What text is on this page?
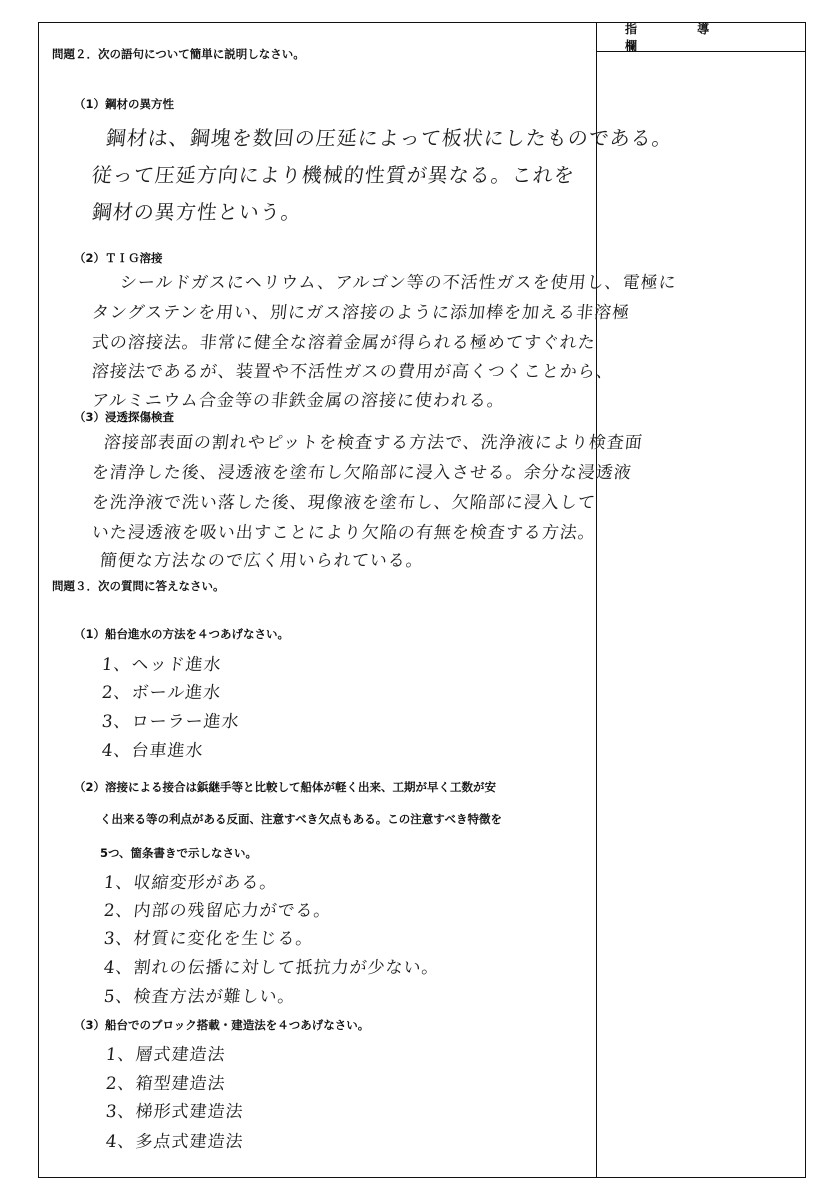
指 導 欄
問題２．次の語句について簡単に説明しなさい。
（1）鋼材の異方性
鋼材は、鋼塊を数回の圧延によって板状にしたものである。
従って圧延方向により機械的性質が異なる。これを
鋼材の異方性という。
（2）ＴＩＧ溶接
シールドガスにヘリウム、アルゴン等の不活性ガスを使用し、電極に
タングステンを用い、別にガス溶接のように添加棒を加える非溶極
式の溶接法。非常に健全な溶着金属が得られる極めてすぐれた
溶接法であるが、装置や不活性ガスの費用が高くつくことから、
アルミニウム合金等の非鉄金属の溶接に使われる。
（3）浸透探傷検査
溶接部表面の割れやピットを検査する方法で、洗浄液により検査面
を清浄した後、浸透液を塗布し欠陥部に浸入させる。余分な浸透液
を洗浄液で洗い落した後、現像液を塗布し、欠陥部に浸入して
いた浸透液を吸い出すことにより欠陥の有無を検査する方法。
簡便な方法なので広く用いられている。
問題３．次の質問に答えなさい。
（1）船台進水の方法を４つあげなさい。
1、ヘッド進水
2、ボール進水
3、ローラー進水
4、台車進水
（2）溶接による接合は鋲継手等と比較して船体が軽く出来、工期が早く工数が安
く出来る等の利点がある反面、注意すべき欠点もある。この注意すべき特徴を
5つ、箇条書きで示しなさい。
1、収縮変形がある。
2、内部の残留応力がでる。
3、材質に変化を生じる。
4、割れの伝播に対して抵抗力が少ない。
5、検査方法が難しい。
（3）船台でのブロック搭載・建造法を４つあげなさい。
1、層式建造法
2、箱型建造法
3、梯形式建造法
4、多点式建造法
